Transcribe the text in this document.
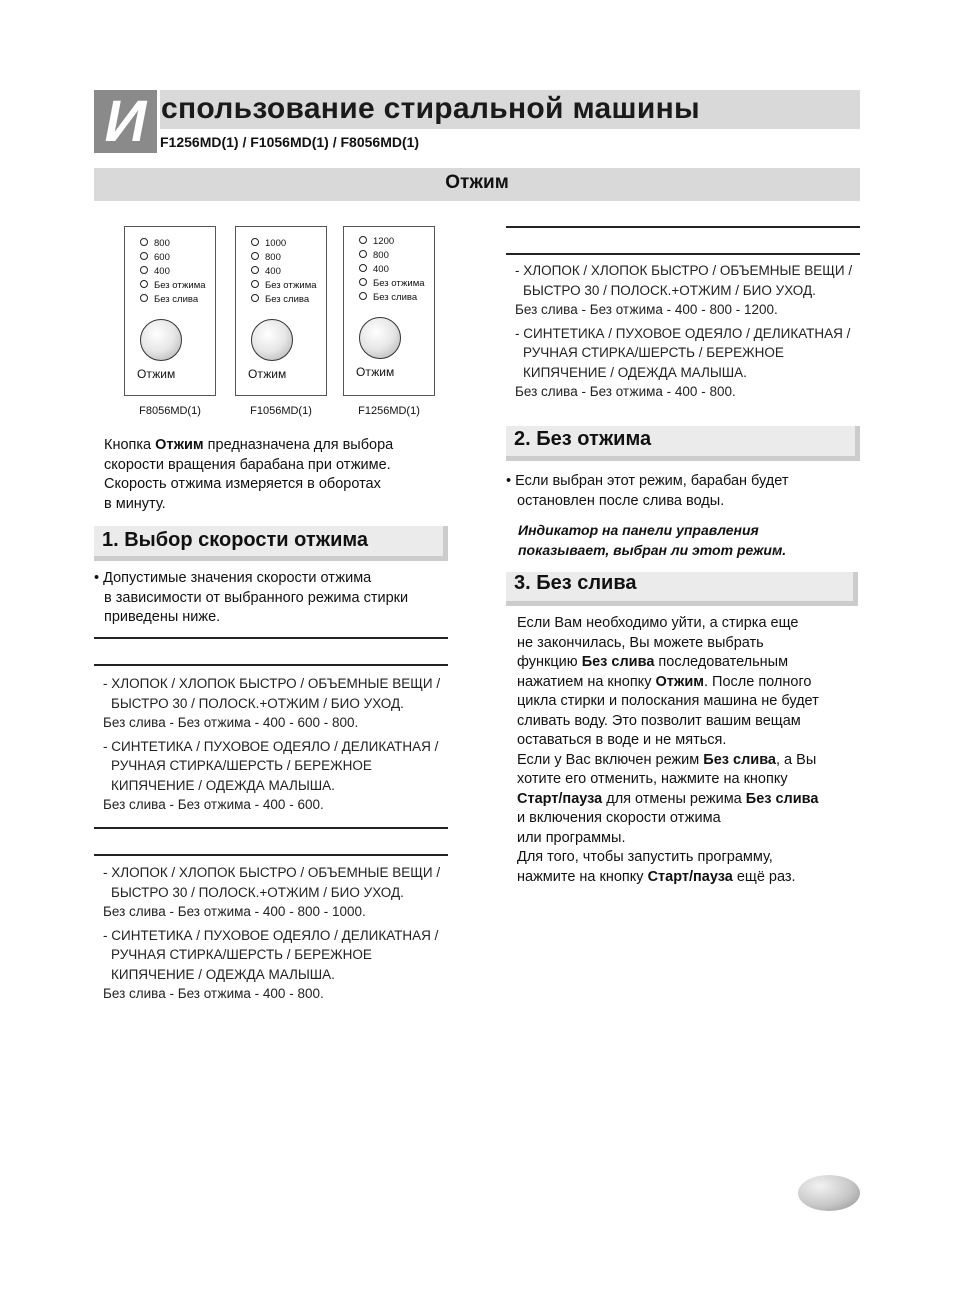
И спользование стиральной машины
F1256MD(1) / F1056MD(1) / F8056MD(1)
Отжим
800
600
400
Без отжима
Без слива
Отжим
F8056MD(1)
1000
800
400
Без отжима
Без слива
Отжим
F1056MD(1)
1200
800
400
Без отжима
Без слива
Отжим
F1256MD(1)
Кнопка Отжим предназначена для выбора
скорости вращения барабана при отжиме.
Скорость отжима измеряется в оборотах
в минуту.
1. Выбор скорости отжима
• Допустимые значения скорости отжима
в зависимости от выбранного режима стирки
приведены ниже.
- ХЛОПОК / ХЛОПОК БЫСТРО / ОБЪЕМНЫЕ ВЕЩИ /
БЫСТРО 30 / ПОЛОСК.+ОТЖИМ / БИО УХОД.
Без слива - Без отжима - 400 - 600 - 800.
- СИНТЕТИКА / ПУХОВОЕ ОДЕЯЛО / ДЕЛИКАТНАЯ /
РУЧНАЯ СТИРКА/ШЕРСТЬ / БЕРЕЖНОЕ
КИПЯЧЕНИЕ / ОДЕЖДА МАЛЫША.
Без слива - Без отжима - 400 - 600.
- ХЛОПОК / ХЛОПОК БЫСТРО / ОБЪЕМНЫЕ ВЕЩИ /
БЫСТРО 30 / ПОЛОСК.+ОТЖИМ / БИО УХОД.
Без слива - Без отжима - 400 - 800 - 1000.
- СИНТЕТИКА / ПУХОВОЕ ОДЕЯЛО / ДЕЛИКАТНАЯ /
РУЧНАЯ СТИРКА/ШЕРСТЬ / БЕРЕЖНОЕ
КИПЯЧЕНИЕ / ОДЕЖДА МАЛЫША.
Без слива - Без отжима - 400 - 800.
- ХЛОПОК / ХЛОПОК БЫСТРО / ОБЪЕМНЫЕ ВЕЩИ /
БЫСТРО 30 / ПОЛОСК.+ОТЖИМ / БИО УХОД.
Без слива - Без отжима - 400 - 800 - 1200.
- СИНТЕТИКА / ПУХОВОЕ ОДЕЯЛО / ДЕЛИКАТНАЯ /
РУЧНАЯ СТИРКА/ШЕРСТЬ / БЕРЕЖНОЕ
КИПЯЧЕНИЕ / ОДЕЖДА МАЛЫША.
Без слива - Без отжима - 400 - 800.
2. Без отжима
• Если выбран этот режим, барабан будет
остановлен после слива воды.
Индикатор на панели управления
показывает, выбран ли этот режим.
3. Без слива
Если Вам необходимо уйти, а стирка еще
не закончилась, Вы можете выбрать
функцию Без слива последовательным
нажатием на кнопку Отжим. После полного
цикла стирки и полоскания машина не будет
сливать воду. Это позволит вашим вещам
оставаться в воде и не мяться.
Если у Вас включен режим Без слива, а Вы
хотите его отменить, нажмите на кнопку
Старт/пауза для отмены режима Без слива
и включения скорости отжима
или программы.
Для того, чтобы запустить программу,
нажмите на кнопку Старт/пауза ещё раз.
